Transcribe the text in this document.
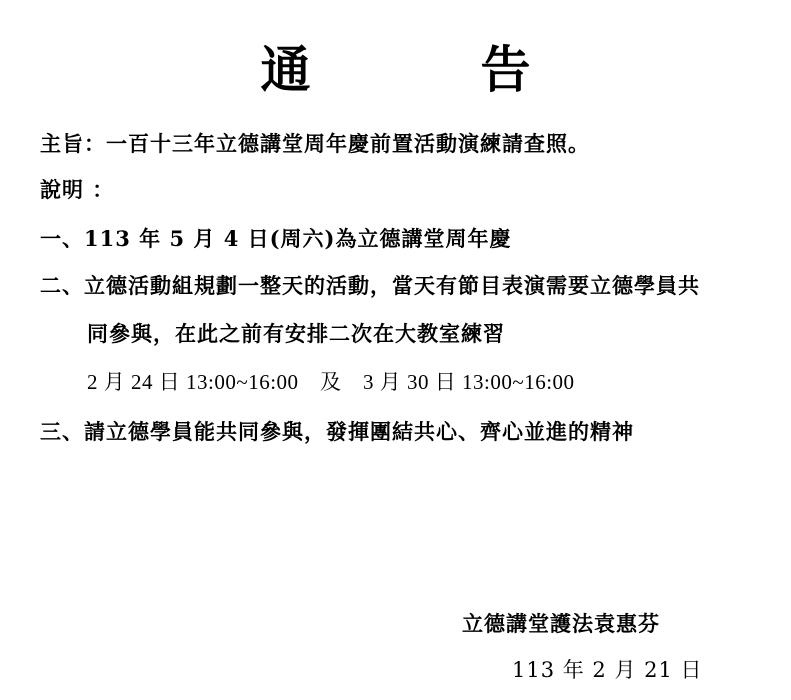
通　告
主旨：一百十三年立德講堂周年慶前置活動演練請查照。
說明 ：
一、113 年 5 月 4 日(周六)為立德講堂周年慶
二、立德活動組規劃一整天的活動，當天有節目表演需要立德學員共
同參與，在此之前有安排二次在大教室練習
2 月 24 日 13:00~16:00　及　3 月 30 日 13:00~16:00
三、請立德學員能共同參與，發揮團結共心、齊心並進的精神
立德講堂護法袁惠芬
113 年 2 月 21 日
